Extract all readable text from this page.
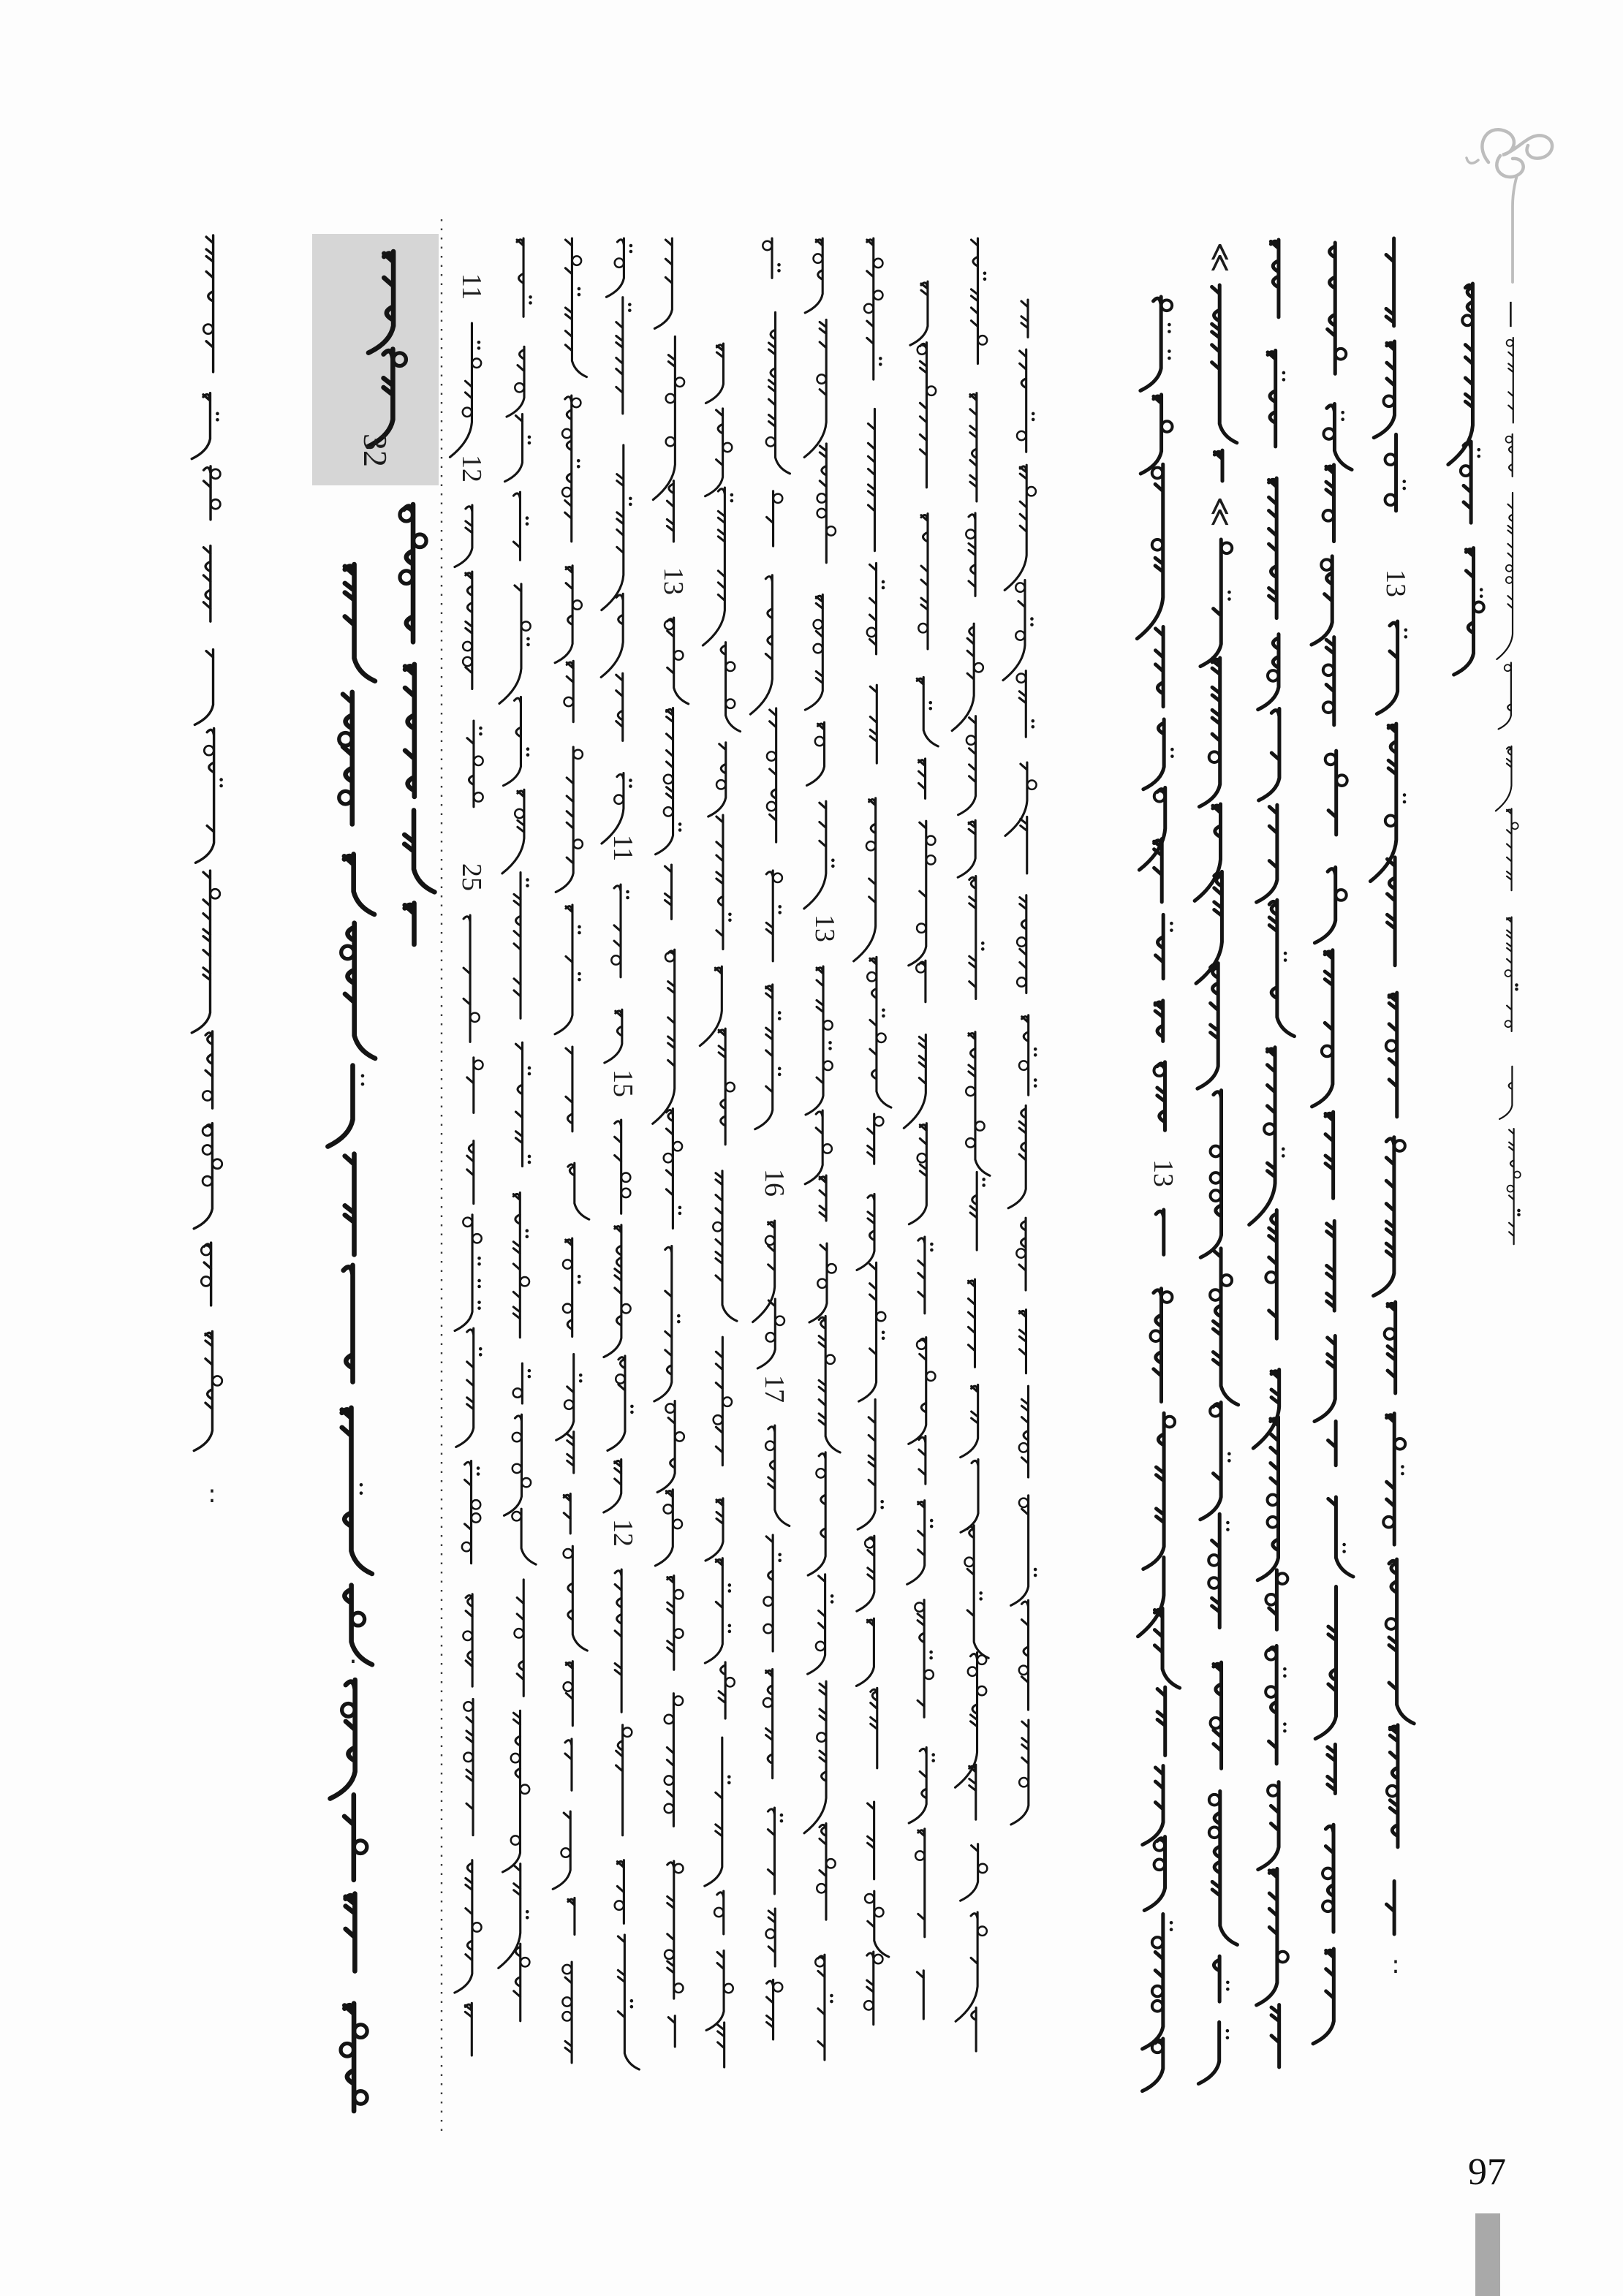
32
—
97
11
12
25
11
15
12
13
16
17
13
13
13
≪
≪
:
:
·
